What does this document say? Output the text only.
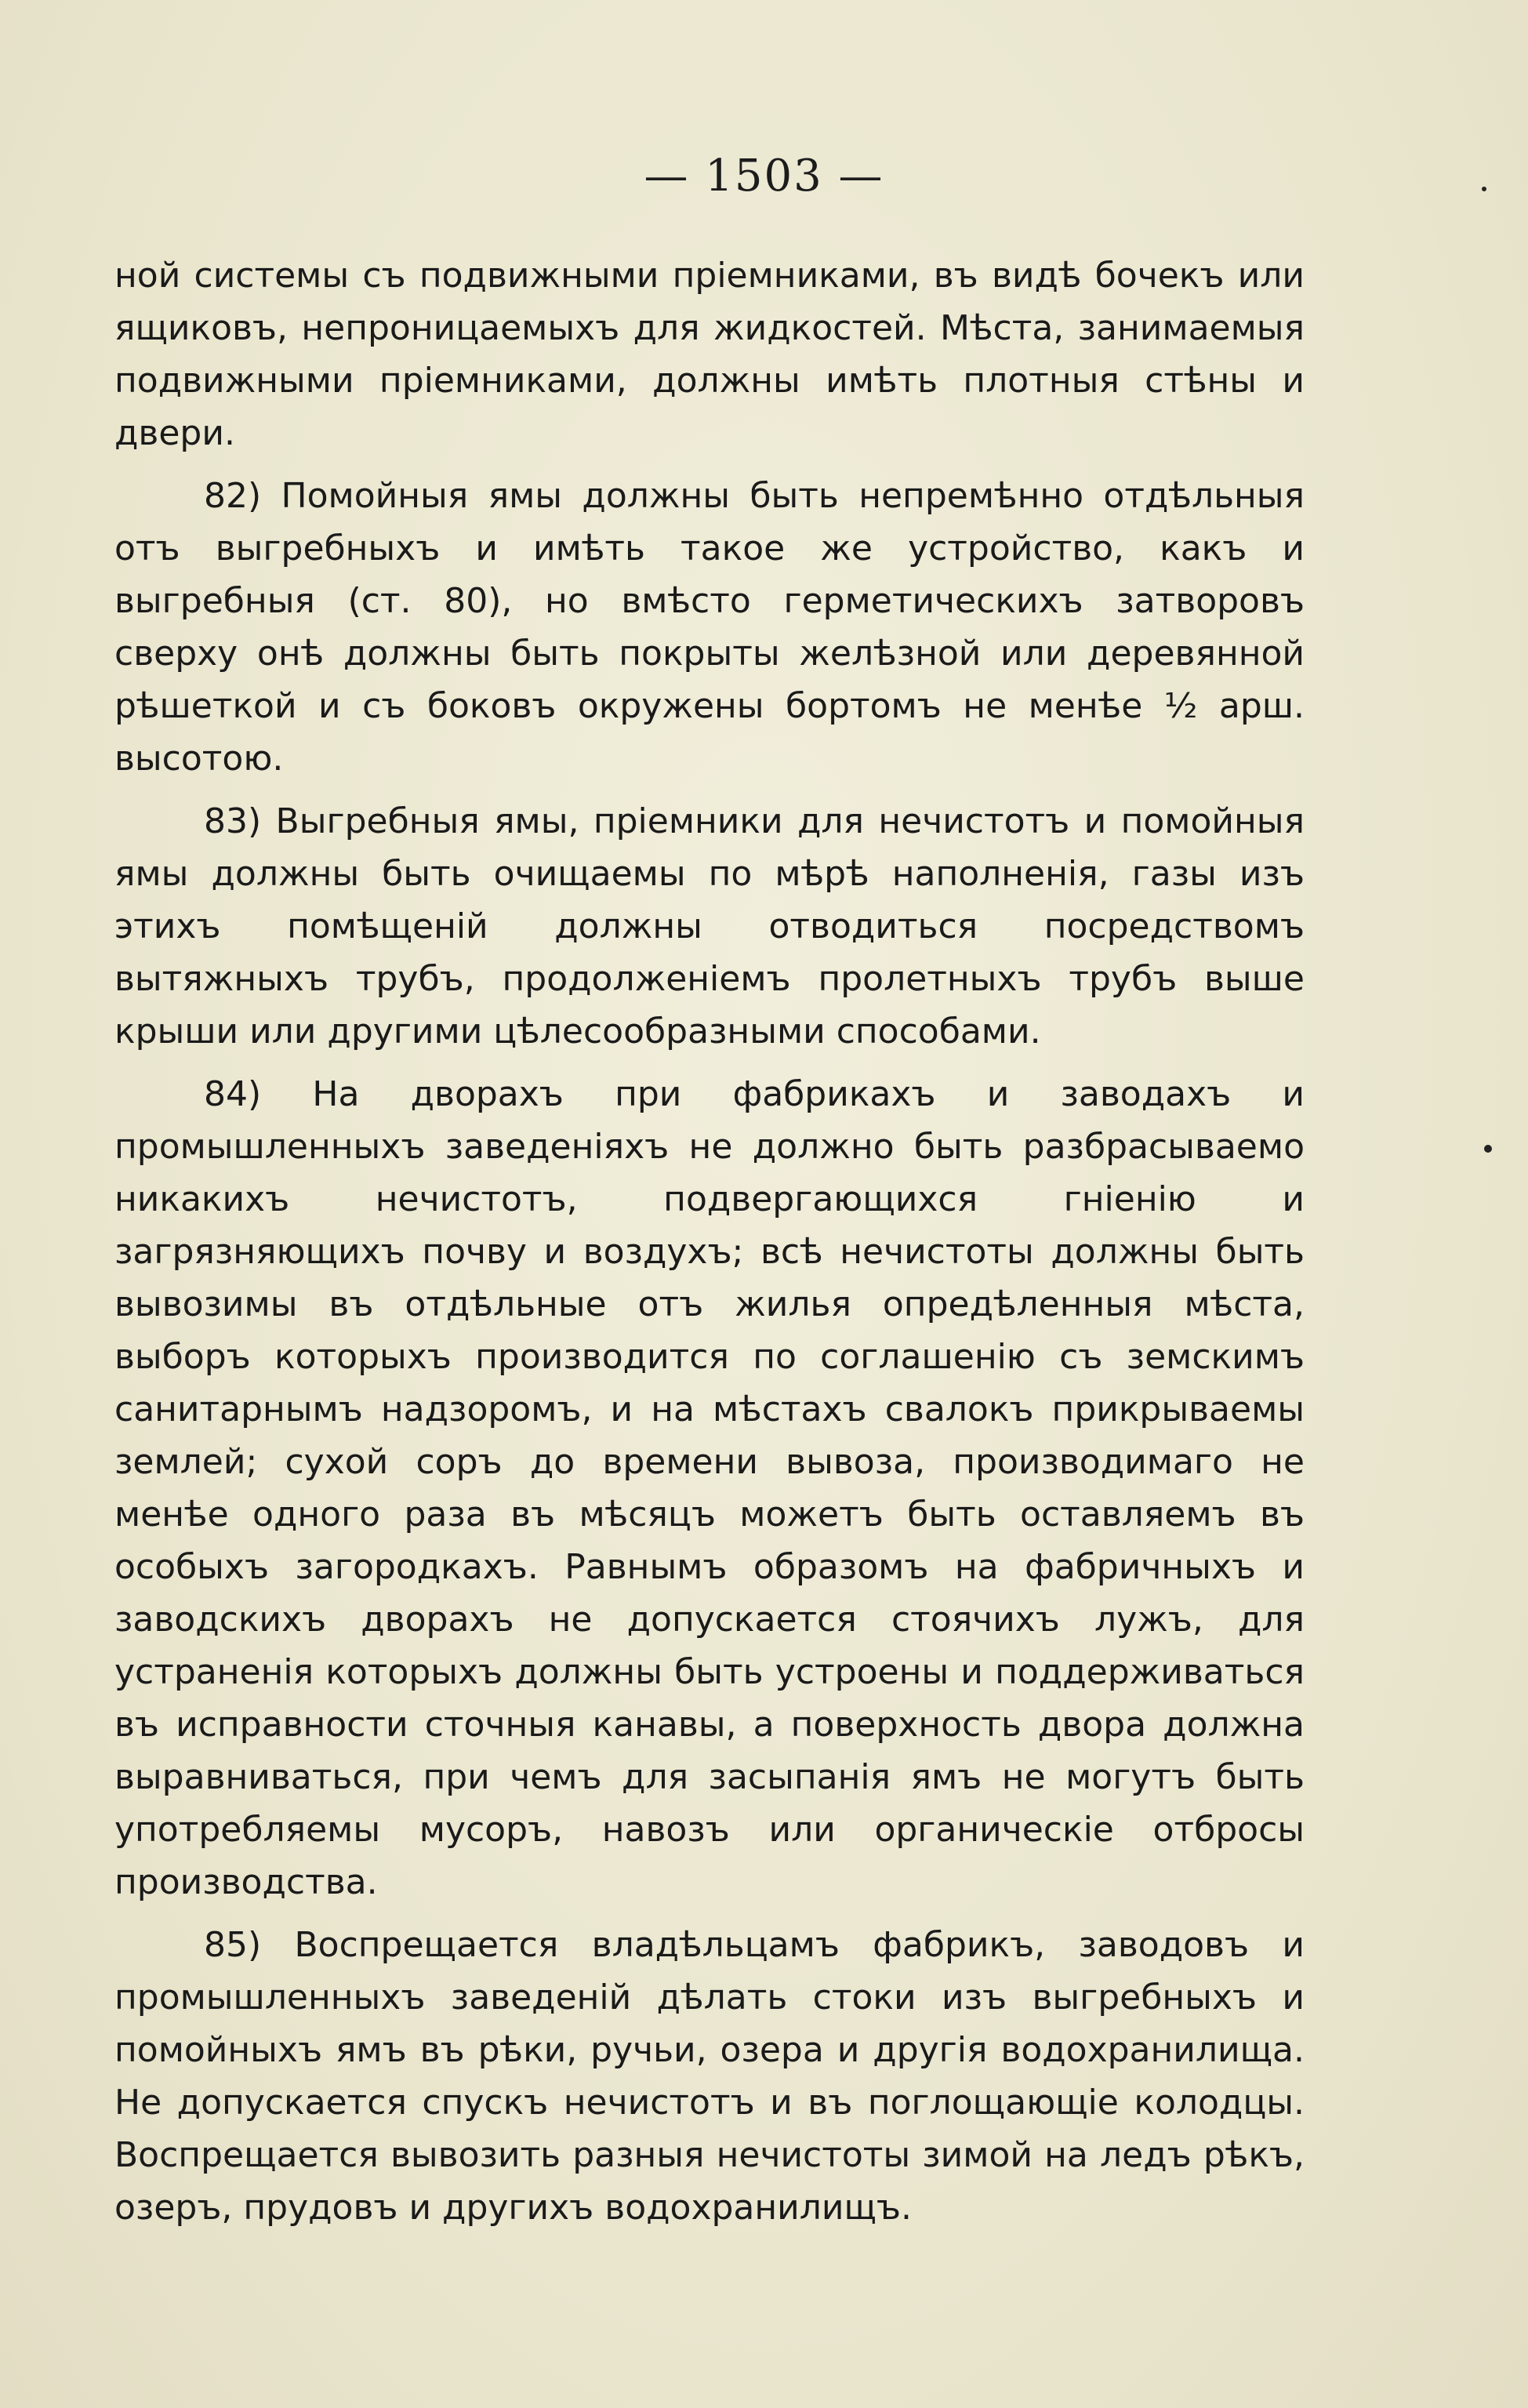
— 1503 —

ной системы съ подвижными пріемниками, въ видѣ бочекъ или ящиковъ, непроницаемыхъ для жидкостей. Мѣста, занимаемыя подвижными пріемниками, должны имѣть плотныя стѣны и двери.

82) Помойныя ямы должны быть непремѣнно отдѣльныя отъ выгребныхъ и имѣть такое же устройство, какъ и выгребныя (ст. 80), но вмѣсто герметическихъ затворовъ сверху онѣ должны быть покрыты желѣзной или деревянной рѣшеткой и съ боковъ окружены бортомъ не менѣе ½ арш. высотою.

83) Выгребныя ямы, пріемники для нечистотъ и помойныя ямы должны быть очищаемы по мѣрѣ наполненія, газы изъ этихъ помѣщеній должны отводиться посредствомъ вытяжныхъ трубъ, продолженіемъ пролетныхъ трубъ выше крыши или другими цѣлесообразными способами.

84) На дворахъ при фабрикахъ и заводахъ и промышленныхъ заведеніяхъ не должно быть разбрасываемо никакихъ нечистотъ, подвергающихся гніенію и загрязняющихъ почву и воздухъ; всѣ нечистоты должны быть вывозимы въ отдѣльные отъ жилья опредѣленныя мѣста, выборъ которыхъ производится по соглашенію съ земскимъ санитарнымъ надзоромъ, и на мѣстахъ свалокъ прикрываемы землей; сухой соръ до времени вывоза, производимаго не менѣе одного раза въ мѣсяцъ можетъ быть оставляемъ въ особыхъ загородкахъ. Равнымъ образомъ на фабричныхъ и заводскихъ дворахъ не допускается стоячихъ лужъ, для устраненія которыхъ должны быть устроены и поддерживаться въ исправности сточныя канавы, а поверхность двора должна выравниваться, при чемъ для засыпанія ямъ не могутъ быть употребляемы мусоръ, навозъ или органическіе отбросы производства.

85) Воспрещается владѣльцамъ фабрикъ, заводовъ и промышленныхъ заведеній дѣлать стоки изъ выгребныхъ и помойныхъ ямъ въ рѣки, ручьи, озера и другія водохранилища. Не допускается спускъ нечистотъ и въ поглощающіе колодцы. Воспрещается вывозить разныя нечистоты зимой на ледъ рѣкъ, озеръ, прудовъ и другихъ водохранилищъ.
